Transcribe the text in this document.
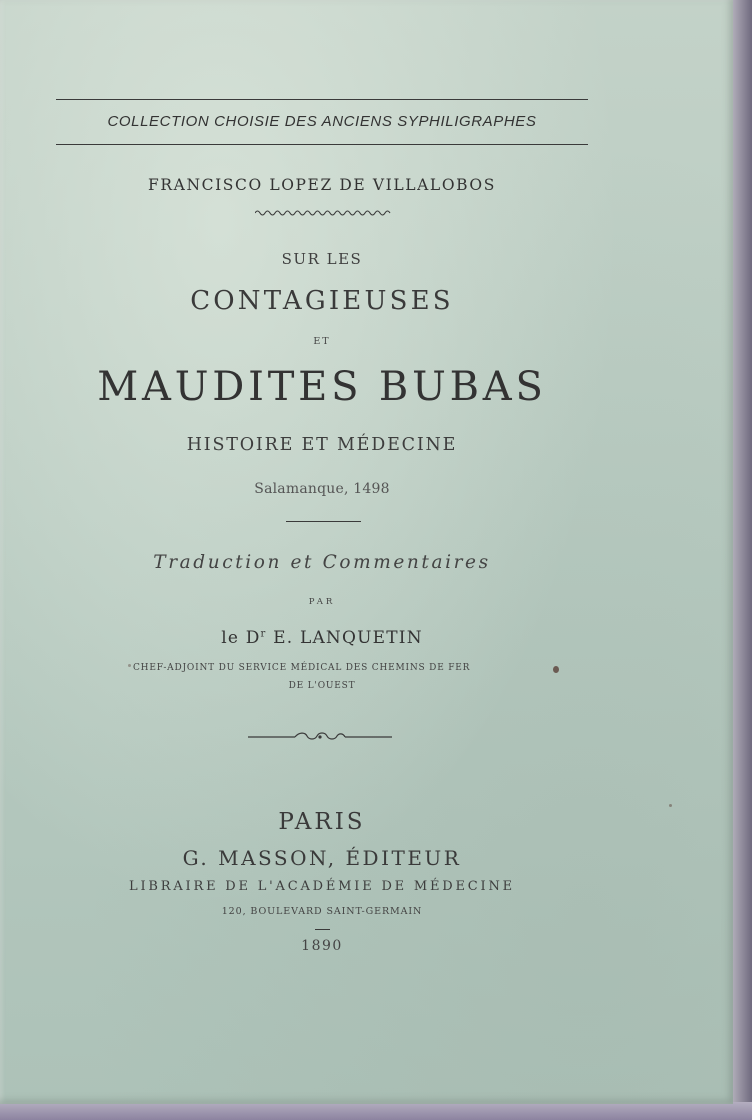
COLLECTION CHOISIE DES ANCIENS SYPHILIGRAPHES
FRANCISCO LOPEZ DE VILLALOBOS
SUR LES
CONTAGIEUSES
ET
MAUDITES BUBAS
HISTOIRE ET MÉDECINE
Salamanque, 1498
Traduction et Commentaires
PAR
le $D^r$ E. LANQUETIN
CHEF-ADJOINT DU SERVICE MÉDICAL DES CHEMINS DE FER
DE L'OUEST
PARIS
G. MASSON, ÉDITEUR
LIBRAIRE DE L'ACADÉMIE DE MÉDECINE
120, BOULEVARD SAINT-GERMAIN
1890
